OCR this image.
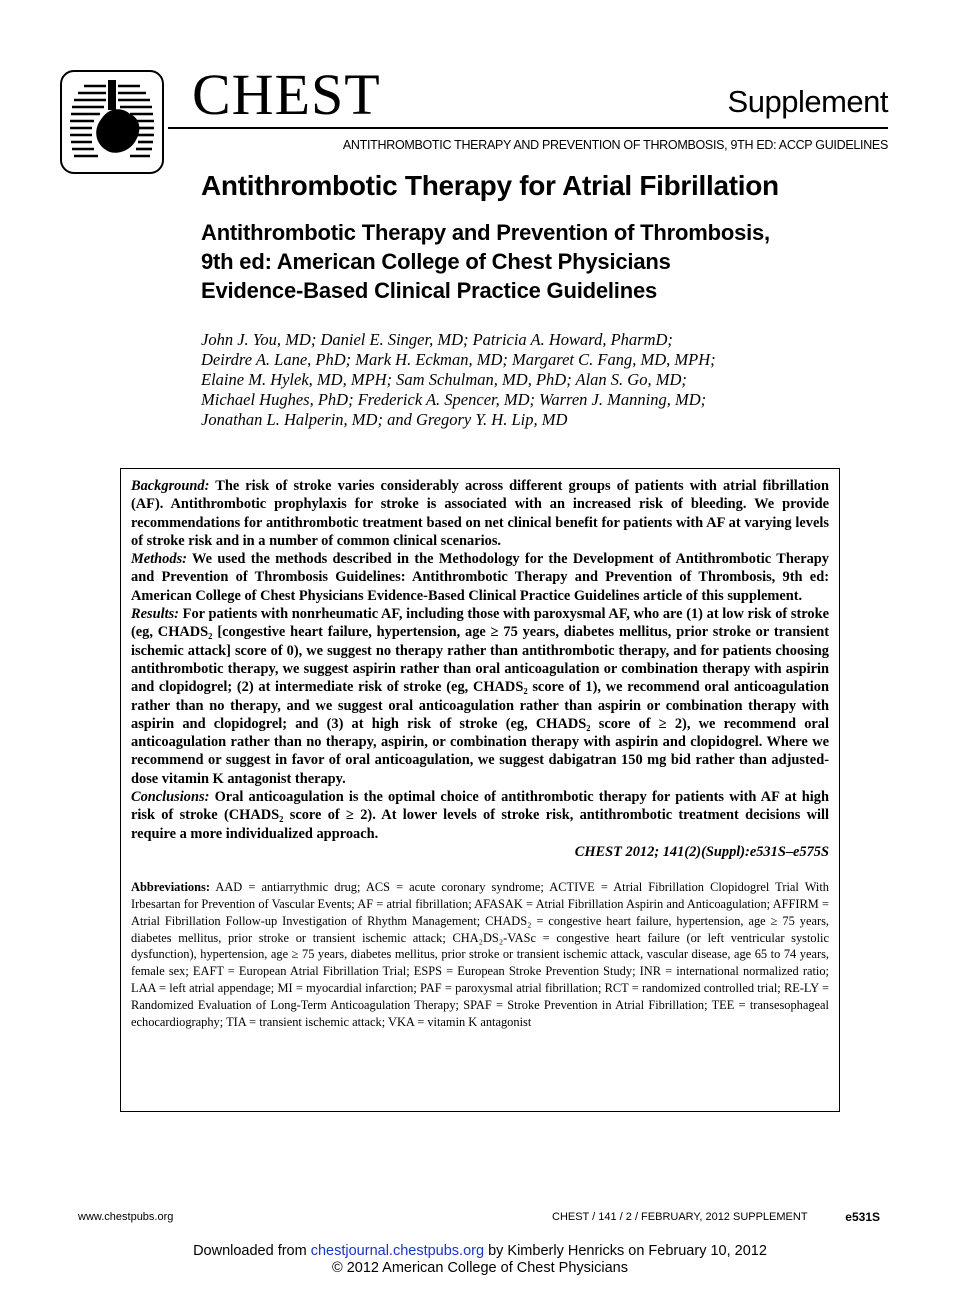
CHEST	Supplement
ANTITHROMBOTIC THERAPY AND PREVENTION OF THROMBOSIS, 9TH ED: ACCP GUIDELINES
Antithrombotic Therapy for Atrial Fibrillation
Antithrombotic Therapy and Prevention of Thrombosis,
9th ed: American College of Chest Physicians
Evidence-Based Clinical Practice Guidelines
John J. You, MD; Daniel E. Singer, MD; Patricia A. Howard, PharmD;
Deirdre A. Lane, PhD; Mark H. Eckman, MD; Margaret C. Fang, MD, MPH;
Elaine M. Hylek, MD, MPH; Sam Schulman, MD, PhD; Alan S. Go, MD;
Michael Hughes, PhD; Frederick A. Spencer, MD; Warren J. Manning, MD;
Jonathan L. Halperin, MD; and Gregory Y. H. Lip, MD

Background: The risk of stroke varies considerably across different groups of patients with atrial fibrillation (AF). Antithrombotic prophylaxis for stroke is associated with an increased risk of bleeding. We provide recommendations for antithrombotic treatment based on net clinical benefit for patients with AF at varying levels of stroke risk and in a number of common clinical scenarios.

Methods: We used the methods described in the Methodology for the Development of Antithrombotic Therapy and Prevention of Thrombosis Guidelines: Antithrombotic Therapy and Prevention of Thrombosis, 9th ed: American College of Chest Physicians Evidence-Based Clinical Practice Guidelines article of this supplement.

Results: For patients with nonrheumatic AF, including those with paroxysmal AF, who are (1) at low risk of stroke (eg, CHADS₂ [congestive heart failure, hypertension, age ≥ 75 years, diabetes mellitus, prior stroke or transient ischemic attack] score of 0), we suggest no therapy rather than antithrombotic therapy, and for patients choosing antithrombotic therapy, we suggest aspirin rather than oral anticoagulation or combination therapy with aspirin and clopidogrel; (2) at intermediate risk of stroke (eg, CHADS₂ score of 1), we recommend oral anticoagulation rather than no therapy, and we suggest oral anticoagulation rather than aspirin or combination therapy with aspirin and clopidogrel; and (3) at high risk of stroke (eg, CHADS₂ score of ≥ 2), we recommend oral anticoagulation rather than no therapy, aspirin, or combination therapy with aspirin and clopidogrel. Where we recommend or suggest in favor of oral anticoagulation, we suggest dabigatran 150 mg bid rather than adjusted-dose vitamin K antagonist therapy.

Conclusions: Oral anticoagulation is the optimal choice of antithrombotic therapy for patients with AF at high risk of stroke (CHADS₂ score of ≥ 2). At lower levels of stroke risk, antithrombotic treatment decisions will require a more individualized approach.

CHEST 2012; 141(2)(Suppl):e531S–e575S

Abbreviations: AAD = antiarrythmic drug; ACS = acute coronary syndrome; ACTIVE = Atrial Fibrillation Clopidogrel Trial With Irbesartan for Prevention of Vascular Events; AF = atrial fibrillation; AFASAK = Atrial Fibrillation Aspirin and Anticoagulation; AFFIRM = Atrial Fibrillation Follow-up Investigation of Rhythm Management; CHADS₂ = congestive heart failure, hypertension, age ≥ 75 years, diabetes mellitus, prior stroke or transient ischemic attack; CHA₂DS₂-VASc = congestive heart failure (or left ventricular systolic dysfunction), hypertension, age ≥ 75 years, diabetes mellitus, prior stroke or transient ischemic attack, vascular disease, age 65 to 74 years, female sex; EAFT = European Atrial Fibrillation Trial; ESPS = European Stroke Prevention Study; INR = international normalized ratio; LAA = left atrial appendage; MI = myocardial infarction; PAF = paroxysmal atrial fibrillation; RCT = randomized controlled trial; RE-LY = Randomized Evaluation of Long-Term Anticoagulation Therapy; SPAF = Stroke Prevention in Atrial Fibrillation; TEE = transesophageal echocardiography; TIA = transient ischemic attack; VKA = vitamin K antagonist
www.chestpubs.org	CHEST / 141 / 2 / FEBRUARY, 2012 SUPPLEMENT	e531S
Downloaded from chestjournal.chestpubs.org by Kimberly Henricks on February 10, 2012
© 2012 American College of Chest Physicians
